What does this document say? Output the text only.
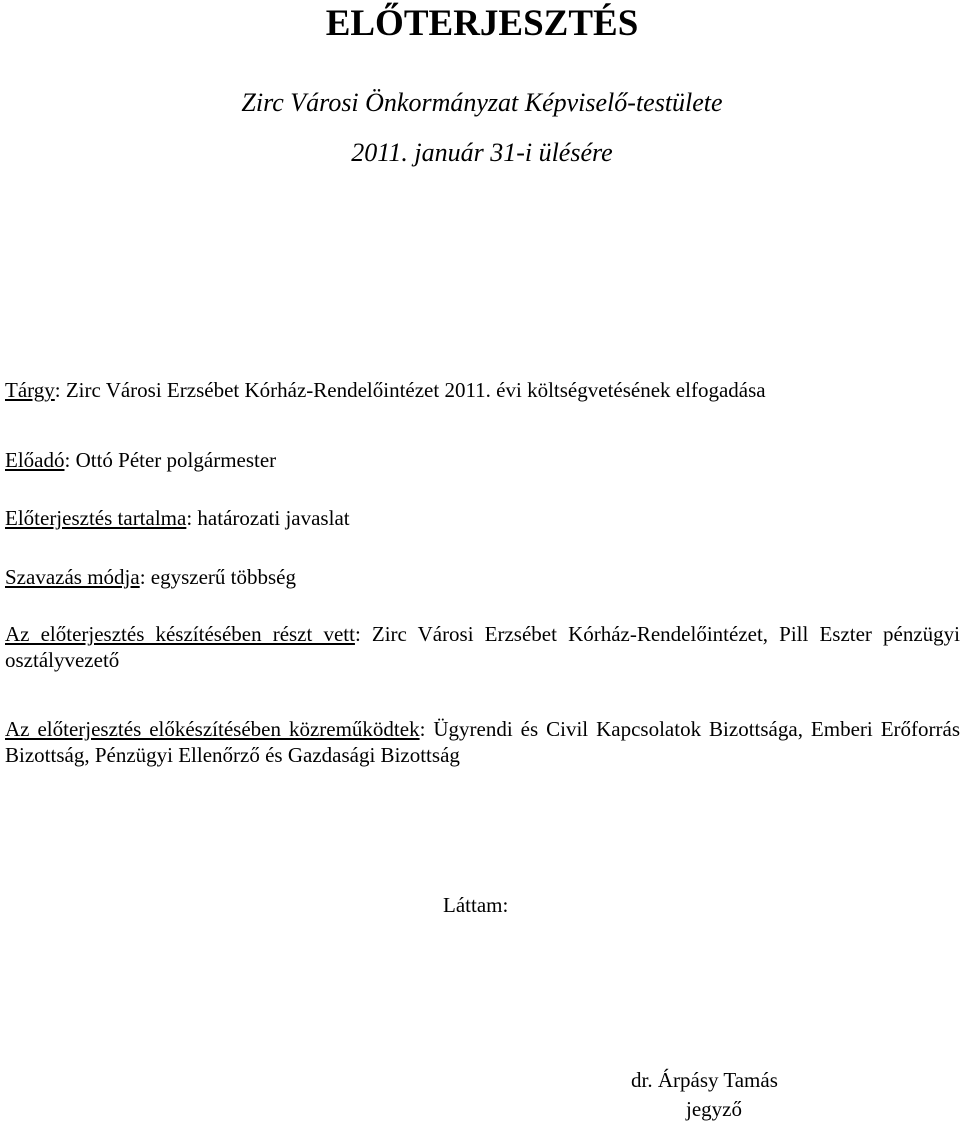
ELŐTERJESZTÉS
Zirc Városi Önkormányzat Képviselő-testülete
2011. január 31-i ülésére
Tárgy: Zirc Városi Erzsébet Kórház-Rendelőintézet 2011. évi költségvetésének elfogadása
Előadó: Ottó Péter polgármester
Előterjesztés tartalma: határozati javaslat
Szavazás módja: egyszerű többség
Az előterjesztés készítésében részt vett: Zirc Városi Erzsébet Kórház-Rendelőintézet, Pill Eszter pénzügyi osztályvezető
Az előterjesztés előkészítésében közreműködtek: Ügyrendi és Civil Kapcsolatok Bizottsága, Emberi Erőforrás Bizottság, Pénzügyi Ellenőrző és Gazdasági Bizottság
Láttam:
dr. Árpásy Tamás
jegyző
